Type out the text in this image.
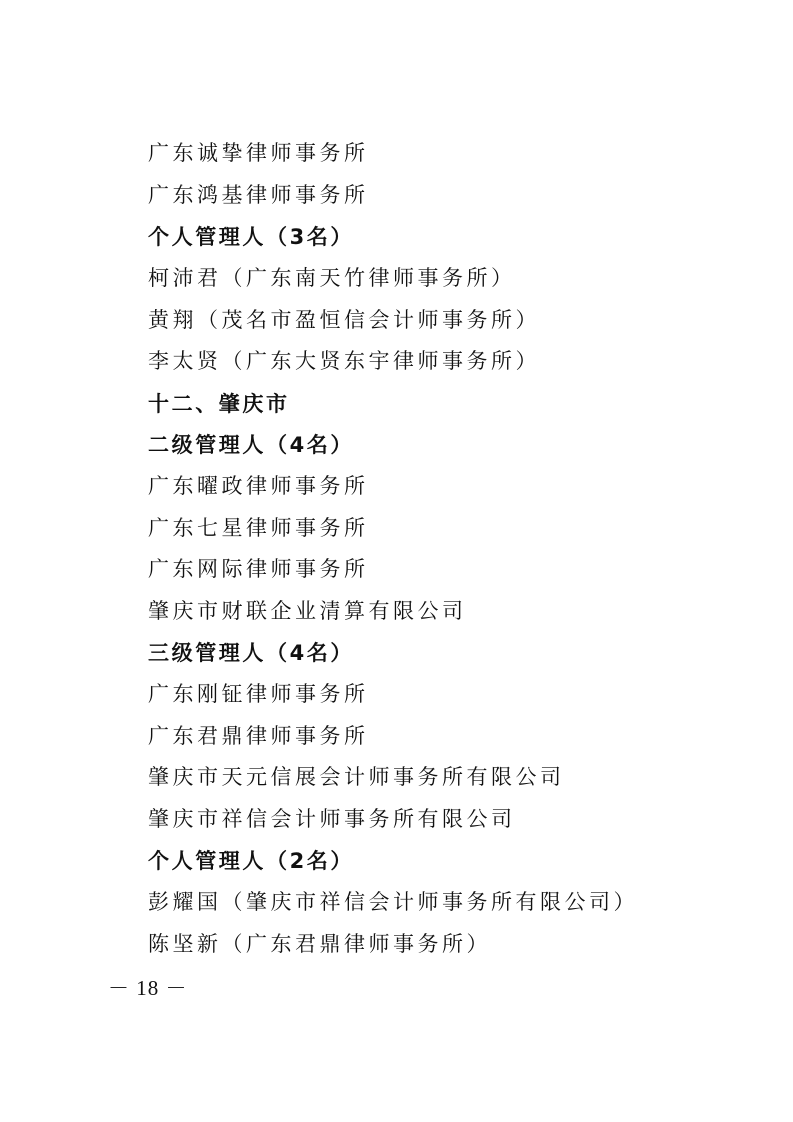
广东诚挚律师事务所
广东鸿基律师事务所
个人管理人（3名）
柯沛君（广东南天竹律师事务所）
黄翔（茂名市盈恒信会计师事务所）
李太贤（广东大贤东宇律师事务所）
十二、肇庆市
二级管理人（4名）
广东曜政律师事务所
广东七星律师事务所
广东网际律师事务所
肇庆市财联企业清算有限公司
三级管理人（4名）
广东刚钲律师事务所
广东君鼎律师事务所
肇庆市天元信展会计师事务所有限公司
肇庆市祥信会计师事务所有限公司
个人管理人（2名）
彭耀国（肇庆市祥信会计师事务所有限公司）
陈坚新（广东君鼎律师事务所）
－ 18 －
